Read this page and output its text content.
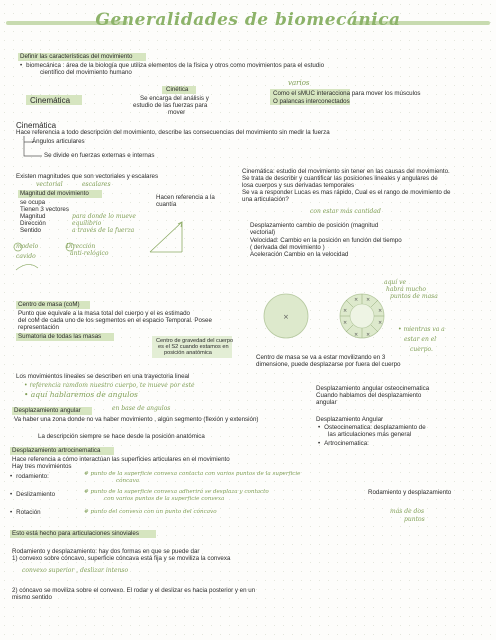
Generalidades de biomecánica
Definir las características del movimiento
• biomecánica : área de la biología que utiliza elementos de la física y otros como movimientos para el estudio
científico del movimiento humano
Cinemática
Cinética
Se encarga del análisis y
estudio de las fuerzas para
mover
varios
Como el sMUC interacciona para mover los músculos
O palancas interconectados
Cinemática
Hace referencia a todo descripción del movimiento, describe las consecuencias del movimiento sin medir la fuerza
Ángulos articulares
Se divide en fuerzas externas e internas
Existen magnitudes que son vectoriales y escalares
vectorial	escalares
Magnitud del movimiento
se ocupa
Tienen 3 vectores
Magnitud
Dirección
Sentido
para donde lo mueve
equilibrio
a través de la fuerza
Hacen referencia a la
cuantía
modelo
cavido
Dirección
anti-relógico
Cinemática: estudio del movimiento sin tener en las causas del movimiento.
Se trata de describir y cuantificar las posiciones lineales y angulares de
losa cuerpos y sus derivadas temporales
Se va a responder Lucas es mas rápido, Cual es el rango de movimiento de
una articulación?
con estar más cantidad
Desplazamiento cambio de posición (magnitud
vectorial)
Velocidad: Cambio en la posición en función del tiempo
( derivada del movimiento )
Aceleración Cambio en la velocidad
Centro de masa (coM)
Punto que equivale a la masa total del cuerpo y el es estimado
del coM de cada uno de los segmentos en el espacio Temporal. Posee
representación
Sumatoria de todas las masas
Centro de gravedad del cuerpo
es el S2 cuando estamos en
posición anatómica
×
× ×
×	×
×	×
× ×
aquí ve
habrá mucho
puntos de masa
• mientras va a
estar en el
cuerpo.
Centro de masa se va a estar movilizando en 3
dimensione, puede desplazarse por fuera del cuerpo
Los movimientos lineales se describen en una trayectoria lineal
• referencia ramdom nuestro cuerpo, te mueve por este
• aquí hablaremos de angulos
Desplazamiento angular	en base de angulos
Va haber una zona donde no va haber movimiento , algún segmento (flexión y extensión)
La descripción siempre se hace desde la posición anatómica
Desplazamiento angular osteocinematica
Cuando hablamos del desplazamiento
angular
Desplazamiento Angular
• Osteocinematica: desplazamiento de
las articulaciones más general
• Artrocinematica:
Desplazamiento artrocinematica
Hace referencia a cómo interactúan las superficies articulares en el movimiento
Hay tres movimientos
• rodamiento:	# punto de la superficie convexa contacta con varios puntos de la superficie
cóncava
• Deslizamiento	# punto de la superficie convexa adherirá se desplaza y contacto
con varios puntos de la superficie convexa
• Rotación	# punto del convexo con un punto del cóncavo
Rodamiento y desplazamiento
más de dos
puntos
Esto está hecho para articulaciones sinoviales
Rodamiento y desplazamiento: hay dos formas en que se puede dar
1) convexo sobre cóncavo, superficie cóncava está fija y se moviliza la convexa
convexo superior , deslizar intenso
2) cóncavo se moviliza sobre el convexo. El rodar y el deslizar es hacia posterior y en un
mismo sentido
